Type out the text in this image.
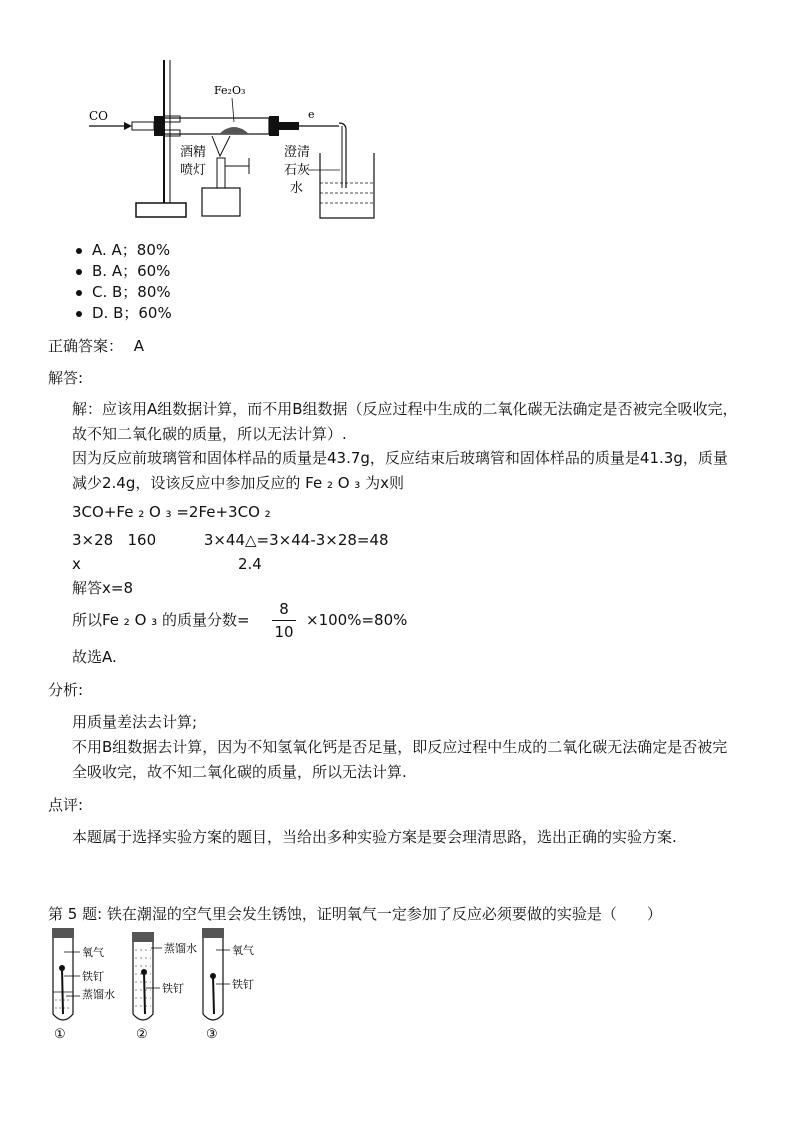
CO
Fe₂O₃
e
酒精
喷灯
澄清
石灰
水
A. A；80%
B. A；60%
C. B；80%
D. B；60%
正确答案： A
解答:
解：应该用A组数据计算，而不用B组数据（反应过程中生成的二氧化碳无法确定是否被完全吸收完，故不知二氧化碳的质量，所以无法计算）.
因为反应前玻璃管和固体样品的质量是43.7g，反应结束后玻璃管和固体样品的质量是41.3g，质量减少2.4g，设该反应中参加反应的 Fe ₂ O ₃ 为x则
3CO+Fe ₂ O ₃ =2Fe+3CO ₂
3×28   160          3×44△=3×44-3×28=48
x	2.4
解答x=8
所以Fe ₂ O ₃ 的质量分数=
8
10
×100%=80%
故选A.
分析:
用质量差法去计算;
不用B组数据去计算，因为不知氢氧化钙是否足量，即反应过程中生成的二氧化碳无法确定是否被完全吸收完，故不知二氧化碳的质量，所以无法计算.
点评:
本题属于选择实验方案的题目，当给出多种实验方案是要会理清思路，选出正确的实验方案.
第 5 题: 铁在潮湿的空气里会发生锈蚀，证明氧气一定参加了反应必须要做的实验是（　　）
氧气
铁钉
蒸馏水
①
蒸馏水
铁钉
②
氧气
铁钉
③
